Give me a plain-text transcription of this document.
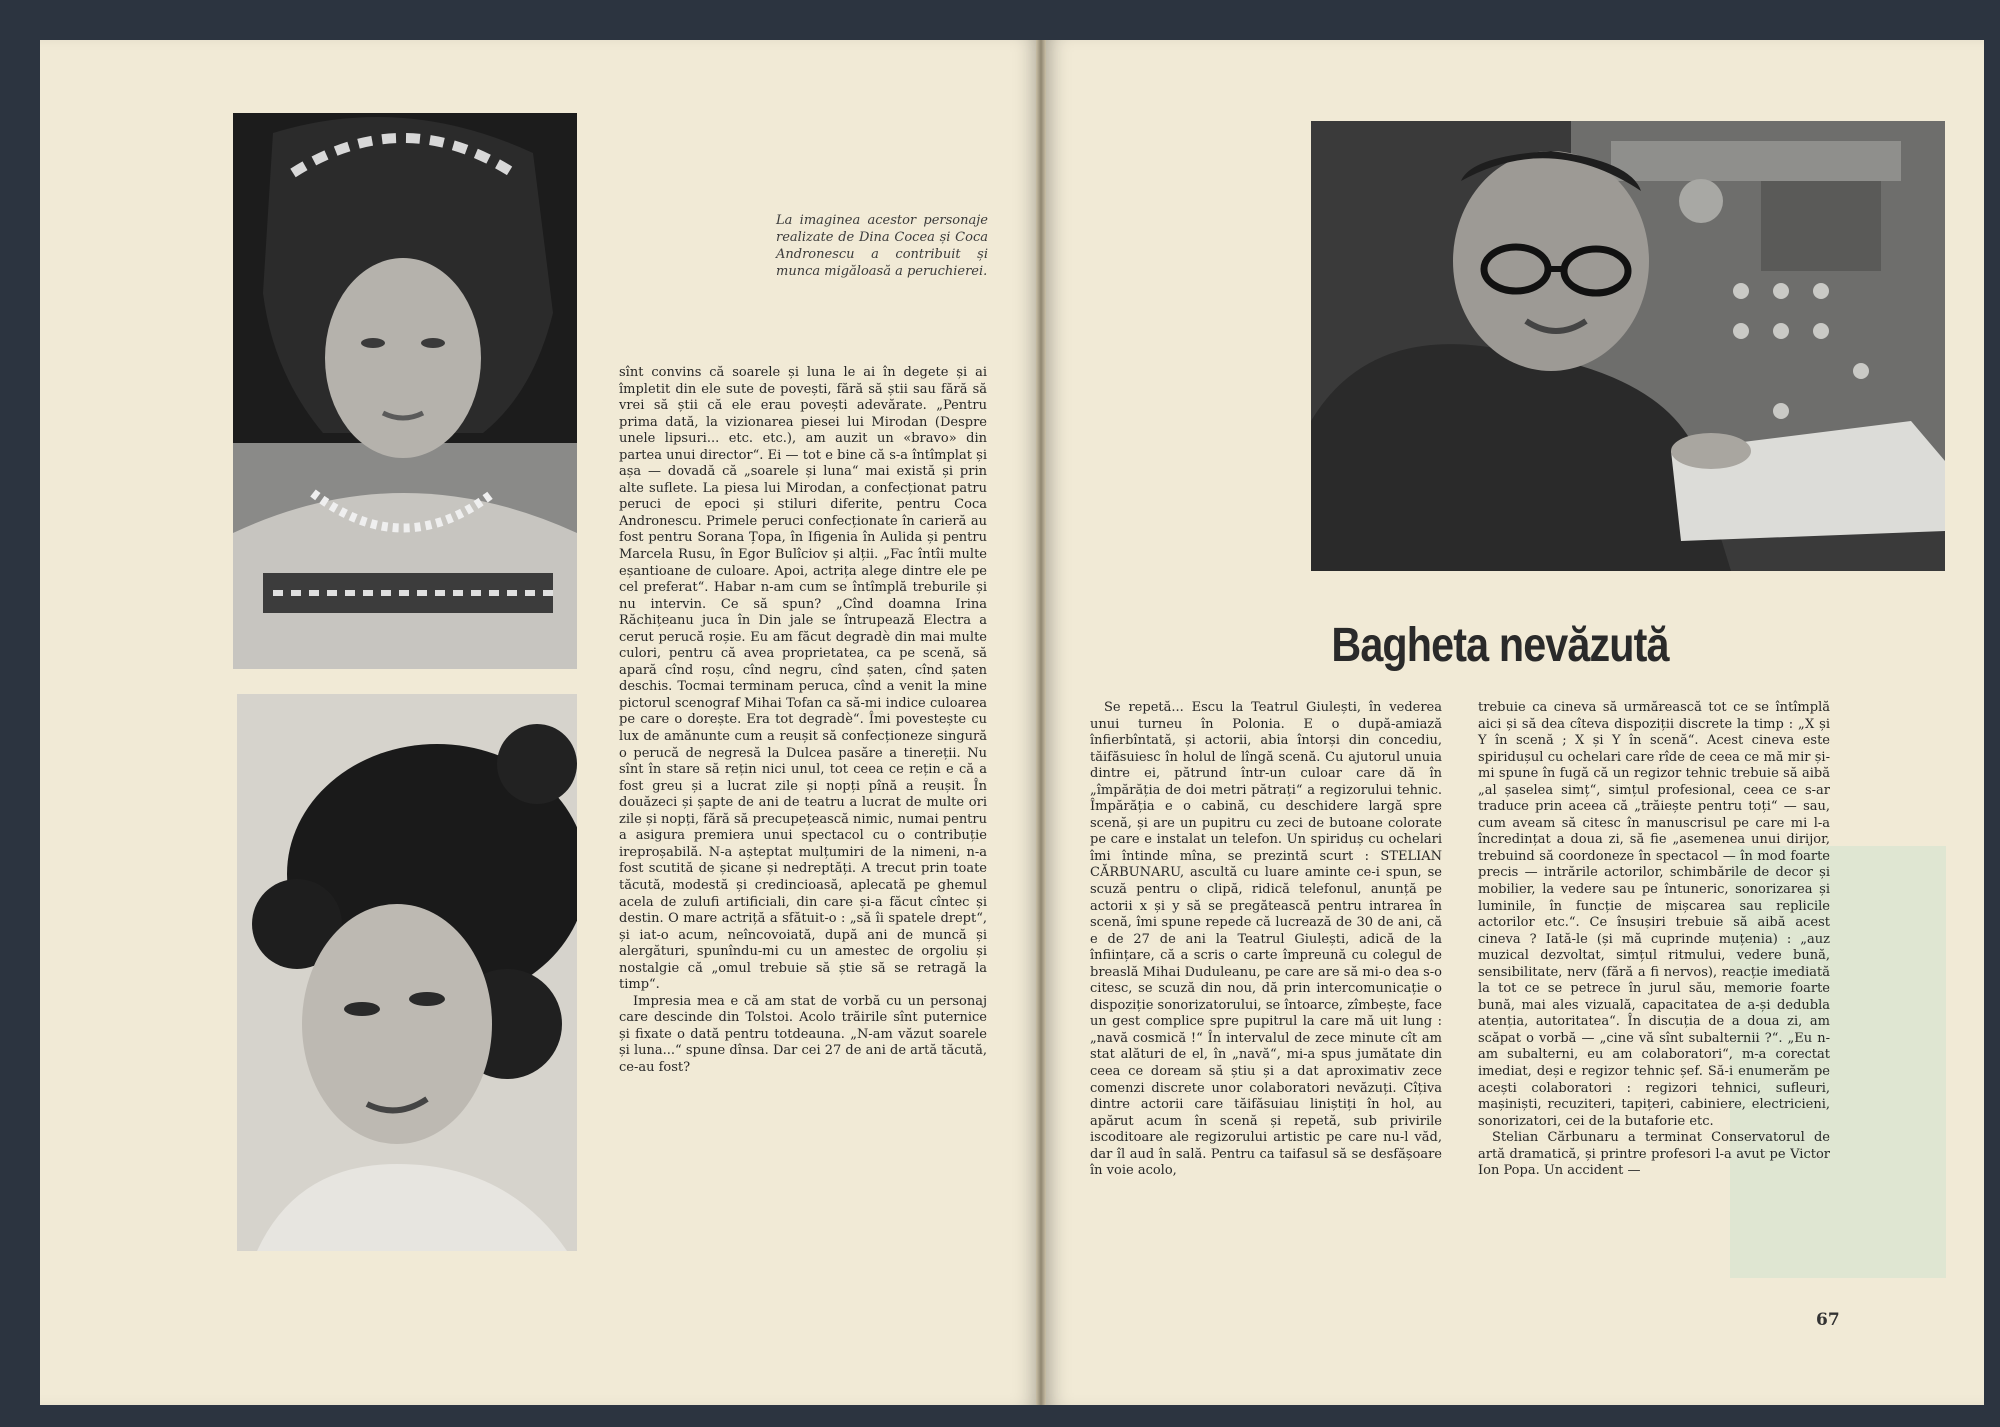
La imaginea acestor personaje realizate de Dina Cocea și Coca Andronescu a contribuit și munca migăloasă a peruchierei.

sînt convins că soarele și luna le ai în degete și ai împletit din ele sute de povești, fără să știi sau fără să vrei să știi că ele erau povești adevărate. „Pentru prima dată, la vizionarea piesei lui Mirodan (Despre unele lipsuri... etc. etc.), am auzit un «bravo» din partea unui director“. Ei — tot e bine că s-a întîmplat și așa — dovadă că „soarele și luna“ mai există și prin alte suflete. La piesa lui Mirodan, a confecționat patru peruci de epoci și stiluri diferite, pentru Coca Andronescu. Primele peruci confecționate în carieră au fost pentru Sorana Țopa, în Ifigenia în Aulida și pentru Marcela Rusu, în Egor Bulîciov și alții. „Fac întîi multe eșantioane de culoare. Apoi, actrița alege dintre ele pe cel preferat“. Habar n-am cum se întîmplă treburile și nu intervin. Ce să spun? „Cînd doamna Irina Răchițeanu juca în Din jale se întrupează Electra a cerut perucă roșie. Eu am făcut degradè din mai multe culori, pentru că avea proprietatea, ca pe scenă, să apară cînd roșu, cînd negru, cînd șaten, cînd șaten deschis. Tocmai terminam peruca, cînd a venit la mine pictorul scenograf Mihai Tofan ca să-mi indice culoarea pe care o dorește. Era tot degradè“. Îmi povestește cu lux de amănunte cum a reușit să confecționeze singură o perucă de negresă la Dulcea pasăre a tinereții. Nu sînt în stare să rețin nici unul, tot ceea ce rețin e că a fost greu și a lucrat zile și nopți pînă a reușit. În douăzeci și șapte de ani de teatru a lucrat de multe ori zile și nopți, fără să precupețească nimic, numai pentru a asigura premiera unui spectacol cu o contribuție ireproșabilă. N-a așteptat mulțumiri de la nimeni, n-a fost scutită de șicane și nedreptăți. A trecut prin toate tăcută, modestă și credincioasă, aplecată pe ghemul acela de zulufi artificiali, din care și-a făcut cîntec și destin. O mare actriță a sfătuit-o : „să îi spatele drept“, și iat-o acum, neîncovoiată, după ani de muncă și alergături, spunîndu-mi cu un amestec de orgoliu și nostalgie că „omul trebuie să știe să se retragă la timp“.

Impresia mea e că am stat de vorbă cu un personaj care descinde din Tolstoi. Acolo trăirile sînt puternice și fixate o dată pentru totdeauna. „N-am văzut soarele și luna...“ spune dînsa. Dar cei 27 de ani de artă tăcută, ce-au fost?

Bagheta nevăzută

Se repetă... Escu la Teatrul Giulești, în vederea unui turneu în Polonia. E o după-amiază înfierbîntată, și actorii, abia întorși din concediu, tăifăsuiesc în holul de lîngă scenă. Cu ajutorul unuia dintre ei, pătrund într-un culoar care dă în „împărăția de doi metri pătrați“ a regizorului tehnic. Împărăția e o cabină, cu deschidere largă spre scenă, și are un pupitru cu zeci de butoane colorate pe care e instalat un telefon. Un spiriduș cu ochelari îmi întinde mîna, se prezintă scurt : STELIAN CĂRBUNARU, ascultă cu luare aminte ce-i spun, se scuză pentru o clipă, ridică telefonul, anunță pe actorii x și y să se pregătească pentru intrarea în scenă, îmi spune repede că lucrează de 30 de ani, că e de 27 de ani la Teatrul Giulești, adică de la înființare, că a scris o carte împreună cu colegul de breaslă Mihai Duduleanu, pe care are să mi-o dea s-o citesc, se scuză din nou, dă prin intercomunicație o dispoziție sonorizatorului, se întoarce, zîmbește, face un gest complice spre pupitrul la care mă uit lung : „navă cosmică !“ În intervalul de zece minute cît am stat alături de el, în „navă“, mi-a spus jumătate din ceea ce doream să știu și a dat aproximativ zece comenzi discrete unor colaboratori nevăzuți. Cîțiva dintre actorii care tăifăsuiau liniștiți în hol, au apărut acum în scenă și repetă, sub privirile iscoditoare ale regizorului artistic pe care nu-l văd, dar îl aud în sală. Pentru ca taifasul să se desfășoare în voie acolo,

trebuie ca cineva să urmărească tot ce se întîmplă aici și să dea cîteva dispoziții discrete la timp : „X și Y în scenă ; X și Y în scenă“. Acest cineva este spiridușul cu ochelari care rîde de ceea ce mă mir și-mi spune în fugă că un regizor tehnic trebuie să aibă „al șaselea simț“, simțul profesional, ceea ce s-ar traduce prin aceea că „trăiește pentru toți“ — sau, cum aveam să citesc în manuscrisul pe care mi l-a încredințat a doua zi, să fie „asemenea unui dirijor, trebuind să coordoneze în spectacol — în mod foarte precis — intrările actorilor, schimbările de decor și mobilier, la vedere sau pe întuneric, sonorizarea și luminile, în funcție de mișcarea sau replicile actorilor etc.“. Ce însușiri trebuie să aibă acest cineva ? Iată-le (și mă cuprinde muțenia) : „auz muzical dezvoltat, simțul ritmului, vedere bună, sensibilitate, nerv (fără a fi nervos), reacție imediată la tot ce se petrece în jurul său, memorie foarte bună, mai ales vizuală, capacitatea de a-și dedubla atenția, autoritatea“. În discuția de a doua zi, am scăpat o vorbă — „cine vă sînt subalternii ?“. „Eu n-am subalterni, eu am colaboratori“, m-a corectat imediat, deși e regizor tehnic șef. Să-i enumerăm pe acești colaboratori : regizori tehnici, sufleuri, mașiniști, recuziteri, tapițeri, cabiniere, electricieni, sonorizatori, cei de la butaforie etc.

Stelian Cărbunaru a terminat Conservatorul de artă dramatică, și printre profesori l-a avut pe Victor Ion Popa. Un accident —

67
